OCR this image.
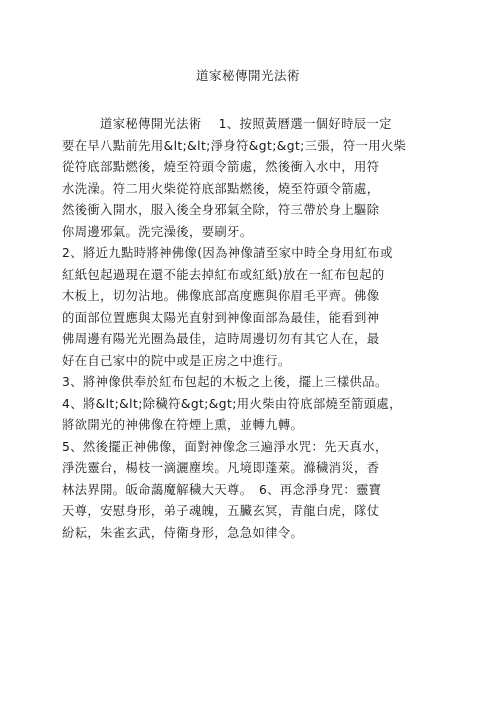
道家秘傳開光法術

道家秘傳開光法術　 1、按照黃曆選一個好時辰一定
要在早八點前先用&lt;&lt;淨身符&gt;&gt;三張，符一用火柴
從符底部點燃後，燒至符頭令箭處，然後衝入水中，用符
水洗澡。符二用火柴從符底部點燃後，燒至符頭令箭處，
然後衝入開水，服入後全身邪氣全除，符三帶於身上驅除
你周邊邪氣。洗完澡後，要刷牙。

2、將近九點時將神佛像(因為神像請至家中時全身用紅布或
紅紙包起過現在還不能去掉紅布或紅紙)放在一紅布包起的
木板上，切勿沾地。佛像底部高度應與你眉毛平齊。佛像
的面部位置應與太陽光直射到神像面部為最佳，能看到神
佛周邊有陽光光圈為最佳，這時周邊切勿有其它人在，最
好在自己家中的院中或是正房之中進行。

3、將神像供奉於紅布包起的木板之上後，擺上三樣供品。

4、將&lt;&lt;除穢符&gt;&gt;用火柴由符底部燒至箭頭處，
將欲開光的神佛像在符煙上熏，並轉九轉。

5、然後擺正神佛像，面對神像念三遍淨水咒：先天真水，
淨洗靈台，楊枝一滴灑塵埃。凡境即蓬萊。滌穢消災，香
林法界開。皈命藹魔解穢大天尊。　6、再念淨身咒：靈寶
天尊，安慰身形，弟子魂魄，五臟玄冥，青龍白虎，隊仗
紛耘，朱雀玄武，侍衛身形，急急如律令。
